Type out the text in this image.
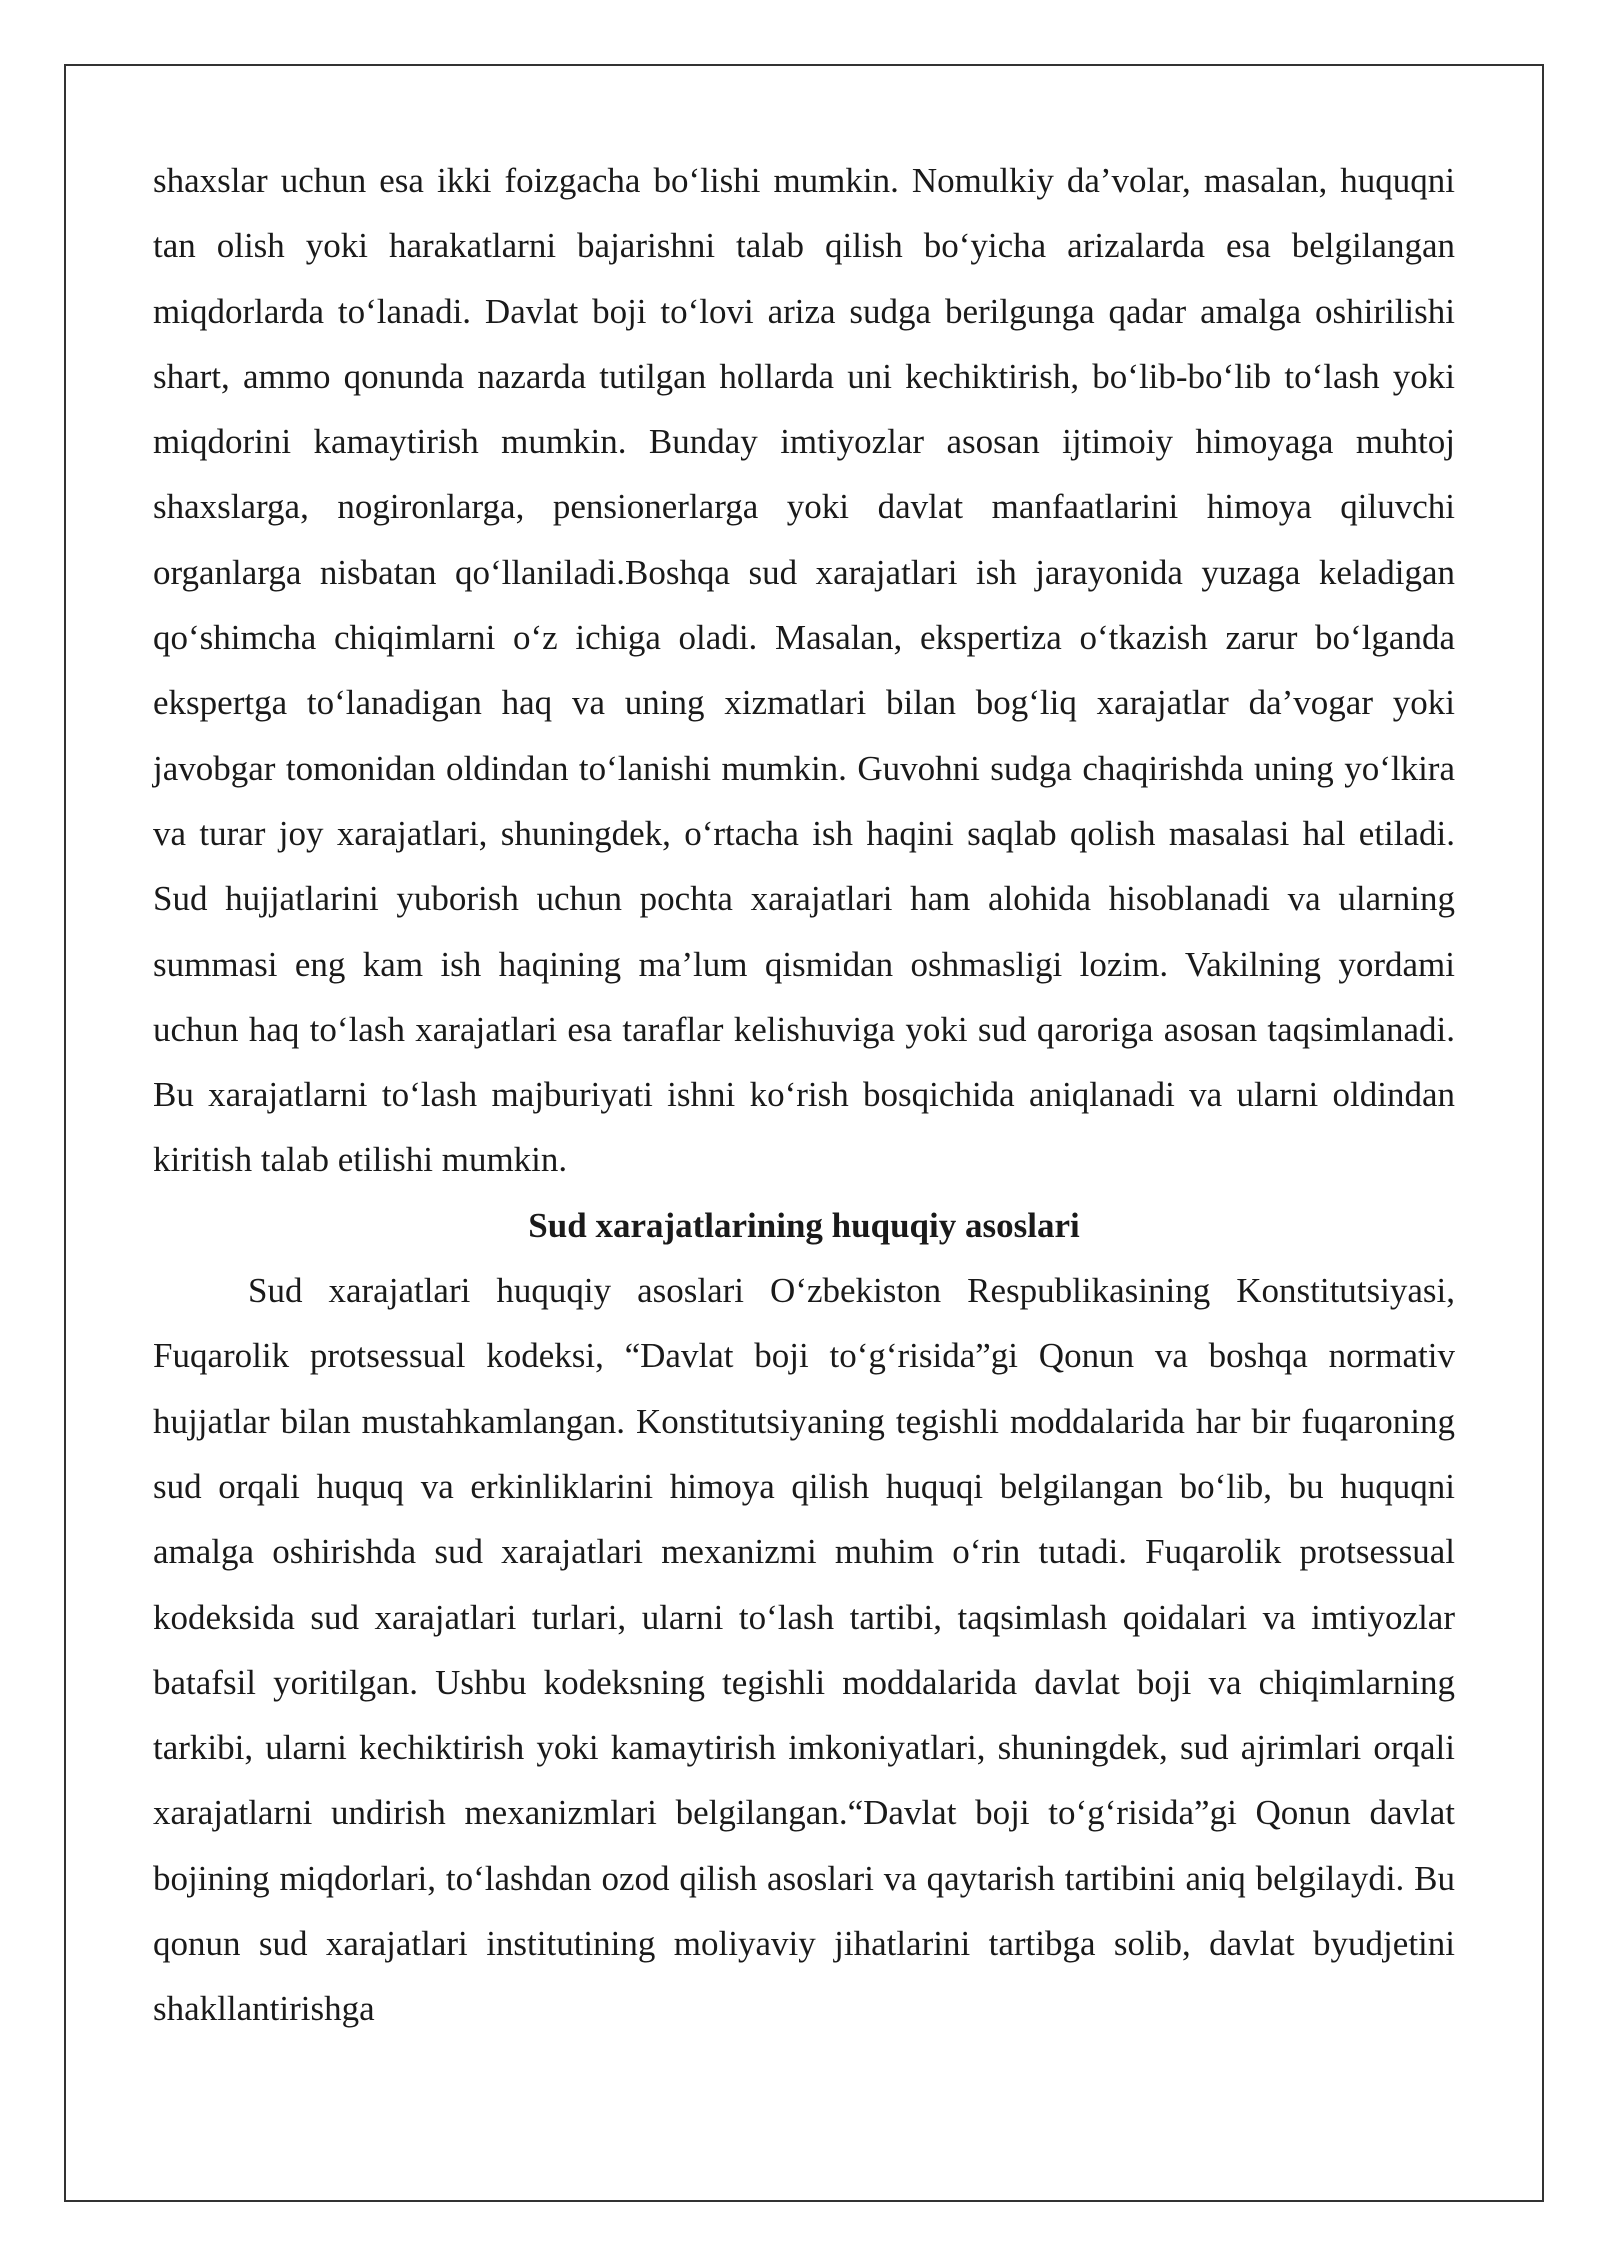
shaxslar uchun esa ikki foizgacha bo‘lishi mumkin. Nomulkiy da’volar, masalan, huquqni tan olish yoki harakatlarni bajarishni talab qilish bo‘yicha arizalarda esa belgilangan miqdorlarda to‘lanadi. Davlat boji to‘lovi ariza sudga berilgunga qadar amalga oshirilishi shart, ammo qonunda nazarda tutilgan hollarda uni kechiktirish, bo‘lib-bo‘lib to‘lash yoki miqdorini kamaytirish mumkin. Bunday imtiyozlar asosan ijtimoiy himoyaga muhtoj shaxslarga, nogironlarga, pensionerlarga yoki davlat manfaatlarini himoya qiluvchi organlarga nisbatan qo‘llaniladi.Boshqa sud xarajatlari ish jarayonida yuzaga keladigan qo‘shimcha chiqimlarni o‘z ichiga oladi. Masalan, ekspertiza o‘tkazish zarur bo‘lganda ekspertga to‘lanadigan haq va uning xizmatlari bilan bog‘liq xarajatlar da’vogar yoki javobgar tomonidan oldindan to‘lanishi mumkin. Guvohni sudga chaqirishda uning yo‘lkira va turar joy xarajatlari, shuningdek, o‘rtacha ish haqini saqlab qolish masalasi hal etiladi. Sud hujjatlarini yuborish uchun pochta xarajatlari ham alohida hisoblanadi va ularning summasi eng kam ish haqining ma’lum qismidan oshmasligi lozim. Vakilning yordami uchun haq to‘lash xarajatlari esa taraflar kelishuviga yoki sud qaroriga asosan taqsimlanadi. Bu xarajatlarni to‘lash majburiyati ishni ko‘rish bosqichida aniqlanadi va ularni oldindan kiritish talab etilishi mumkin.

Sud xarajatlarining huquqiy asoslari

Sud xarajatlari huquqiy asoslari O‘zbekiston Respublikasining Konstitutsiyasi, Fuqarolik protsessual kodeksi, “Davlat boji to‘g‘risida”gi Qonun va boshqa normativ hujjatlar bilan mustahkamlangan. Konstitutsiyaning tegishli moddalarida har bir fuqaroning sud orqali huquq va erkinliklarini himoya qilish huquqi belgilangan bo‘lib, bu huquqni amalga oshirishda sud xarajatlari mexanizmi muhim o‘rin tutadi. Fuqarolik protsessual kodeksida sud xarajatlari turlari, ularni to‘lash tartibi, taqsimlash qoidalari va imtiyozlar batafsil yoritilgan. Ushbu kodeksning tegishli moddalarida davlat boji va chiqimlarning tarkibi, ularni kechiktirish yoki kamaytirish imkoniyatlari, shuningdek, sud ajrimlari orqali xarajatlarni undirish mexanizmlari belgilangan.“Davlat boji to‘g‘risida”gi Qonun davlat bojining miqdorlari, to‘lashdan ozod qilish asoslari va qaytarish tartibini aniq belgilaydi. Bu qonun sud xarajatlari institutining moliyaviy jihatlarini tartibga solib, davlat byudjetini shakllantirishga
